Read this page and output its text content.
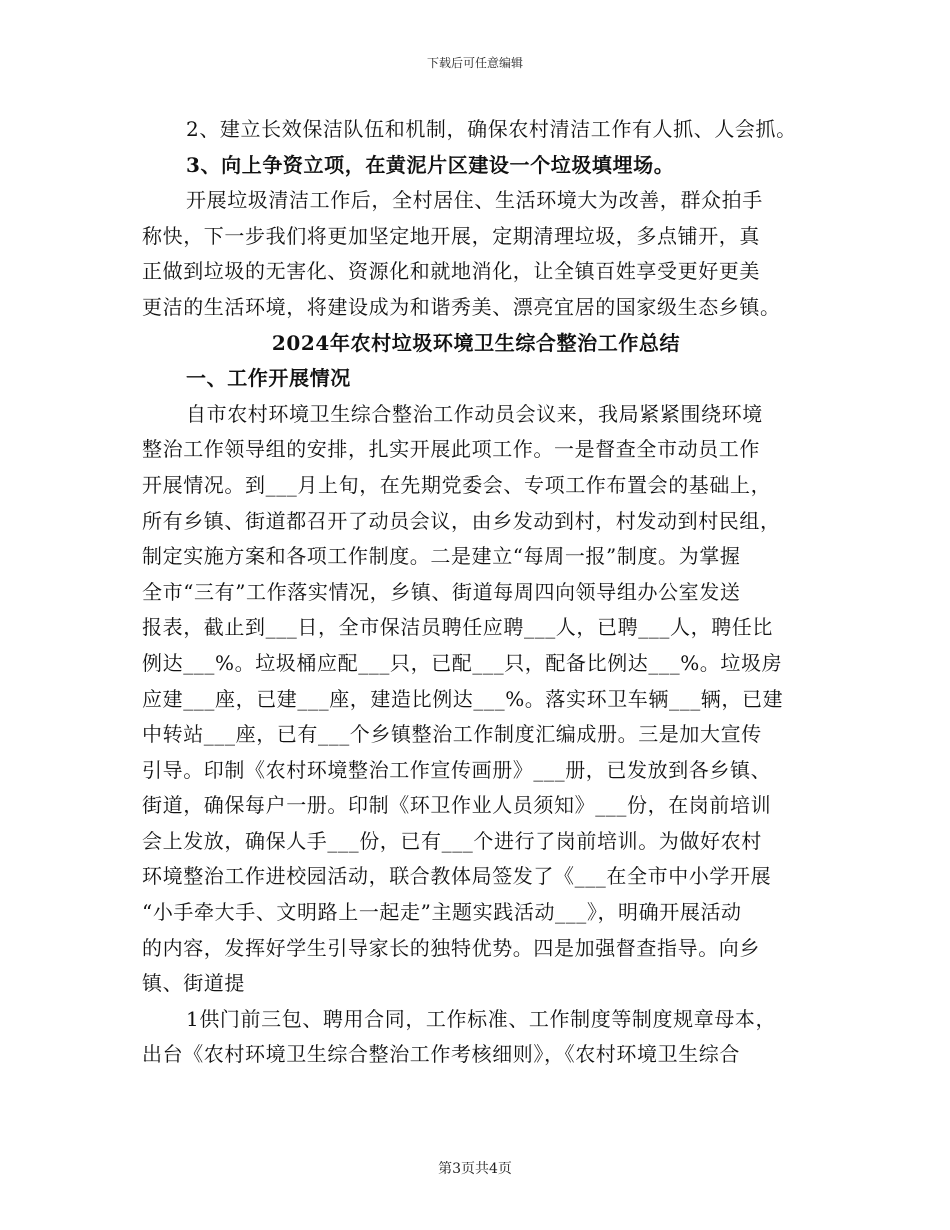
下载后可任意编辑
2、建立长效保洁队伍和机制，确保农村清洁工作有人抓、人会抓。
3、向上争资立项，在黄泥片区建设一个垃圾填埋场。
开展垃圾清洁工作后，全村居住、生活环境大为改善，群众拍手
称快，下一步我们将更加坚定地开展，定期清理垃圾，多点铺开，真
正做到垃圾的无害化、资源化和就地消化，让全镇百姓享受更好更美
更洁的生活环境，将建设成为和谐秀美、漂亮宜居的国家级生态乡镇。
2024年农村垃圾环境卫生综合整治工作总结
一、工作开展情况
自市农村环境卫生综合整治工作动员会议来，我局紧紧围绕环境
整治工作领导组的安排，扎实开展此项工作。一是督查全市动员工作
开展情况。到___月上旬，在先期党委会、专项工作布置会的基础上，
所有乡镇、街道都召开了动员会议，由乡发动到村，村发动到村民组，
制定实施方案和各项工作制度。二是建立“每周一报”制度。为掌握
全市“三有”工作落实情况，乡镇、街道每周四向领导组办公室发送
报表，截止到___日，全市保洁员聘任应聘___人，已聘___人，聘任比
例达___%。垃圾桶应配___只，已配___只，配备比例达___%。垃圾房
应建___座，已建___座，建造比例达___%。落实环卫车辆___辆，已建
中转站___座，已有___个乡镇整治工作制度汇编成册。三是加大宣传
引导。印制《农村环境整治工作宣传画册》___册，已发放到各乡镇、
街道，确保每户一册。印制《环卫作业人员须知》___份，在岗前培训
会上发放，确保人手___份，已有___个进行了岗前培训。为做好农村
环境整治工作进校园活动，联合教体局签发了《___在全市中小学开展
“小手牵大手、文明路上一起走”主题实践活动___》，明确开展活动
的内容，发挥好学生引导家长的独特优势。四是加强督查指导。向乡
镇、街道提
1供门前三包、聘用合同，工作标准、工作制度等制度规章母本，
出台《农村环境卫生综合整治工作考核细则》，《农村环境卫生综合
第3页共4页
